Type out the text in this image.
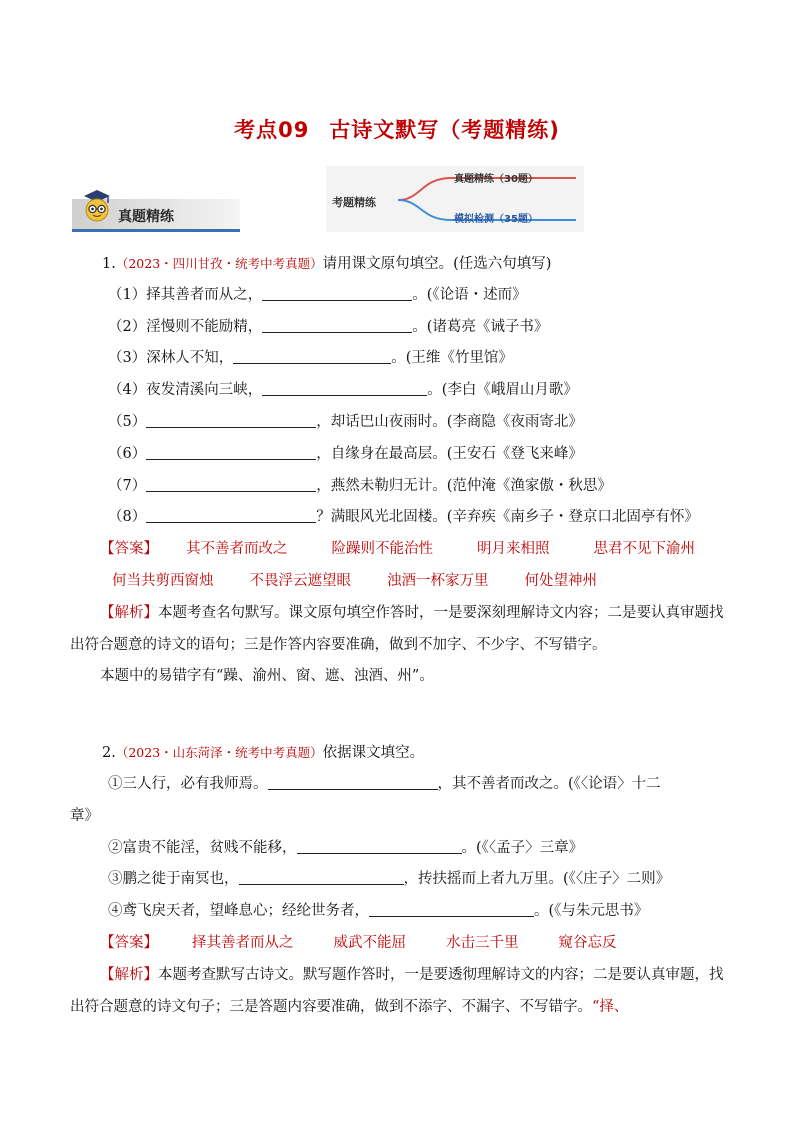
考点09 古诗文默写（考题精练)
真题精练
考题精练
真题精练（30题）
模拟检测（35题）
1.（2023・四川甘孜・统考中考真题）请用课文原句填空。(任选六句填写)
（1）择其善者而从之，	。(《论语・述而》
（2）淫慢则不能励精，	。(诸葛亮《诫子书》
（3）深林人不知，	。(王维《竹里馆》
（4）夜发清溪向三峡，	。(李白《峨眉山月歌》
（5）	，却话巴山夜雨时。(李商隐《夜雨寄北》
（6）	，自缘身在最高层。(王安石《登飞来峰》
（7）	，燕然未勒归无计。(范仲淹《渔家傲・秋思》
（8）	？满眼风光北固楼。(辛弃疾《南乡子・登京口北固亭有怀》
【答案】 其不善者而改之	险躁则不能治性	明月来相照	思君不见下渝州
何当共剪西窗烛 不畏浮云遮望眼 浊酒一杯家万里 何处望神州
【解析】本题考查名句默写。课文原句填空作答时，一是要深刻理解诗文内容；二是要认真审题找出符合题意的诗文的语句；三是作答内容要准确，做到不加字、不少字、不写错字。
本题中的易错字有“躁、渝州、窗、遮、浊酒、州”。
2.（2023・山东菏泽・统考中考真题）依据课文填空。
①三人行，必有我师焉。	，其不善者而改之。(《〈论语〉十二
章》
②富贵不能淫，贫贱不能移，	。(《〈孟子〉三章》
③鹏之徙于南冥也，	，抟扶摇而上者九万里。(《〈庄子〉二则》
④鸢飞戾天者，望峰息心；经纶世务者，	。(《与朱元思书》
【答案】 择其善者而从之	威武不能屈	水击三千里	窥谷忘反
【解析】本题考查默写古诗文。默写题作答时，一是要透彻理解诗文的内容；二是要认真审题，找出符合题意的诗文句子；三是答题内容要准确，做到不添字、不漏字、不写错字。“择、
